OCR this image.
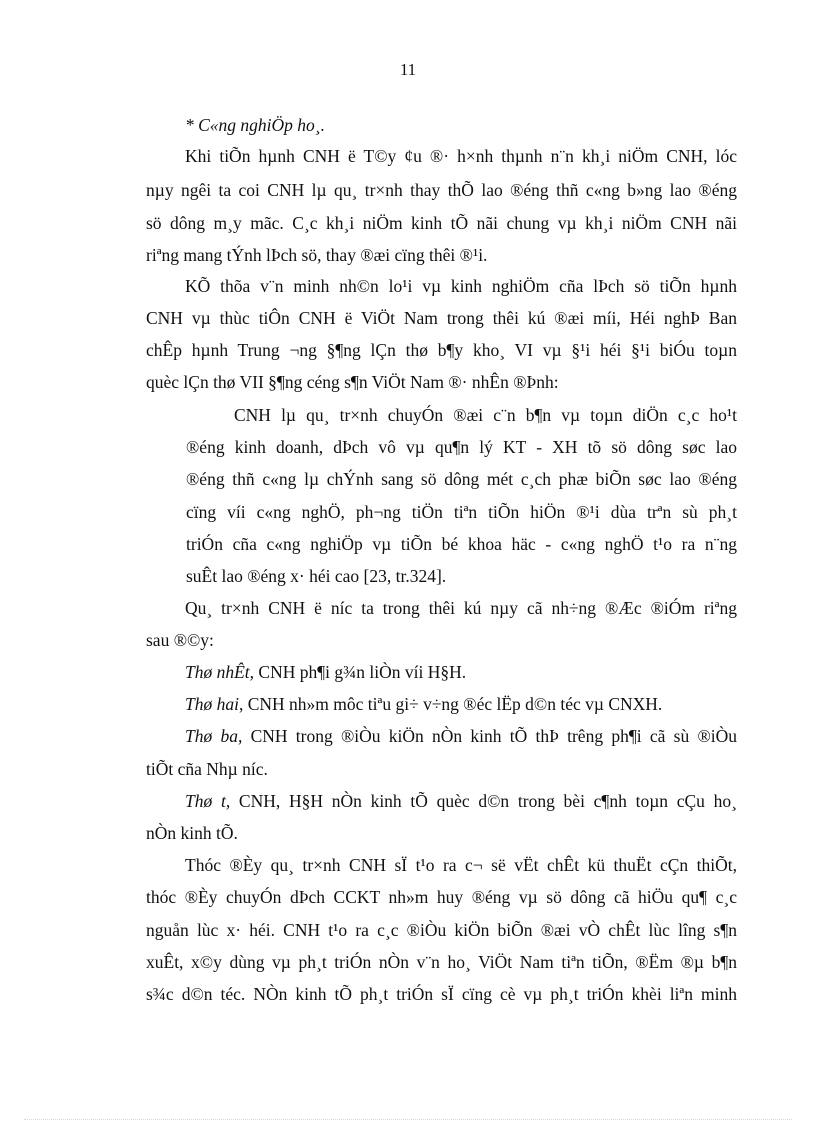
11
* C«ng nghiÖp ho¸.
Khi tiÕn hµnh CNH ë T©y ¢u ®· h×nh thµnh n¨n kh¸i niÖm CNH, lóc
nµy ngêi ta coi CNH lµ qu¸ tr×nh thay thÕ lao ®éng thñ c«ng b»ng lao ®éng
sö dông m¸y mãc. C¸c kh¸i niÖm kinh tÕ nãi chung vµ kh¸i niÖm CNH nãi
riªng mang tÝnh lÞch sö, thay ®æi cïng thêi ®¹i.
KÕ thõa v¨n minh nh©n lo¹i vµ kinh nghiÖm cña lÞch sö tiÕn hµnh
CNH vµ thùc tiÔn CNH ë ViÖt Nam trong thêi kú ®æi míi, Héi nghÞ Ban
chÊp hµnh Trung ¬ng §¶ng lÇn thø b¶y kho¸ VI vµ §¹i héi §¹i biÓu toµn
quèc lÇn thø VII §¶ng céng s¶n ViÖt Nam ®· nhÊn ®Þnh:
CNH lµ qu¸ tr×nh chuyÓn ®æi c¨n b¶n vµ toµn diÖn c¸c ho¹t
®éng kinh doanh, dÞch vô vµ qu¶n lý KT - XH tõ sö dông søc lao
®éng thñ c«ng lµ chÝnh sang sö dông mét c¸ch phæ biÕn søc lao ®éng
cïng víi c«ng nghÖ, ph¬ng tiÖn tiªn tiÕn hiÖn ®¹i dùa trªn sù ph¸t
triÓn cña c«ng nghiÖp vµ tiÕn bé khoa häc - c«ng nghÖ t¹o ra n¨ng
suÊt lao ®éng x· héi cao [23, tr.324].
Qu¸ tr×nh CNH ë níc ta trong thêi kú nµy cã nh÷ng ®Æc ®iÓm riªng
sau ®©y:
Thø nhÊt, CNH ph¶i g¾n liÒn víi H§H.
Thø hai, CNH nh»m môc tiªu gi÷ v÷ng ®éc lËp d©n téc vµ CNXH.
Thø ba, CNH trong ®iÒu kiÖn nÒn kinh tÕ thÞ trêng ph¶i cã sù ®iÒu
tiÕt cña Nhµ níc.
Thø t, CNH, H§H nÒn kinh tÕ quèc d©n trong bèi c¶nh toµn cÇu ho¸
nÒn kinh tÕ.
Thóc ®Èy qu¸ tr×nh CNH sÏ t¹o ra c¬ së vËt chÊt kü thuËt cÇn thiÕt,
thóc ®Èy chuyÓn dÞch CCKT nh»m huy ®éng vµ sö dông cã hiÖu qu¶ c¸c
nguån lùc x· héi. CNH t¹o ra c¸c ®iÒu kiÖn biÕn ®æi vÒ chÊt lùc lîng s¶n
xuÊt, x©y dùng vµ ph¸t triÓn nÒn v¨n ho¸ ViÖt Nam tiªn tiÕn, ®Ëm ®µ b¶n
s¾c d©n téc. NÒn kinh tÕ ph¸t triÓn sÏ cïng cè vµ ph¸t triÓn khèi liªn minh
